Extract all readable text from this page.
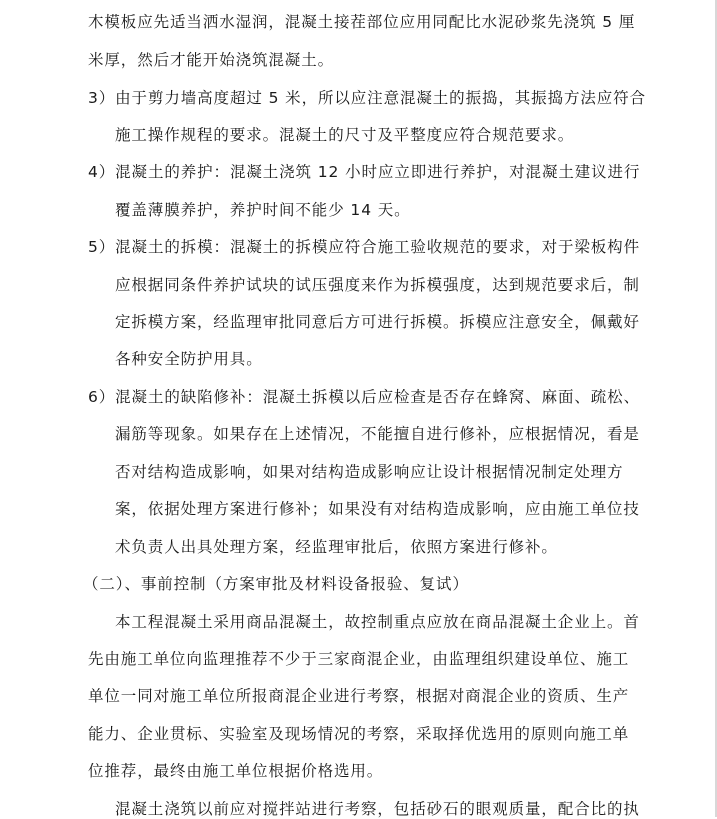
木模板应先适当洒水湿润，混凝土接茬部位应用同配比水泥砂浆先浇筑 5 厘
米厚，然后才能开始浇筑混凝土。
3）由于剪力墙高度超过 5 米，所以应注意混凝土的振捣，其振捣方法应符合
施工操作规程的要求。混凝土的尺寸及平整度应符合规范要求。
4）混凝土的养护：混凝土浇筑 12 小时应立即进行养护，对混凝土建议进行
覆盖薄膜养护，养护时间不能少 14 天。
5）混凝土的拆模：混凝土的拆模应符合施工验收规范的要求，对于梁板构件
应根据同条件养护试块的试压强度来作为拆模强度，达到规范要求后，制
定拆模方案，经监理审批同意后方可进行拆模。拆模应注意安全，佩戴好
各种安全防护用具。
6）混凝土的缺陷修补：混凝土拆模以后应检查是否存在蜂窝、麻面、疏松、
漏筋等现象。如果存在上述情况，不能擅自进行修补，应根据情况，看是
否对结构造成影响，如果对结构造成影响应让设计根据情况制定处理方
案，依据处理方案进行修补；如果没有对结构造成影响，应由施工单位技
术负责人出具处理方案，经监理审批后，依照方案进行修补。
（二）、事前控制（方案审批及材料设备报验、复试）
本工程混凝土采用商品混凝土，故控制重点应放在商品混凝土企业上。首
先由施工单位向监理推荐不少于三家商混企业，由监理组织建设单位、施工
单位一同对施工单位所报商混企业进行考察，根据对商混企业的资质、生产
能力、企业贯标、实验室及现场情况的考察，采取择优选用的原则向施工单
位推荐，最终由施工单位根据价格选用。
混凝土浇筑以前应对搅拌站进行考察，包括砂石的眼观质量，配合比的执
